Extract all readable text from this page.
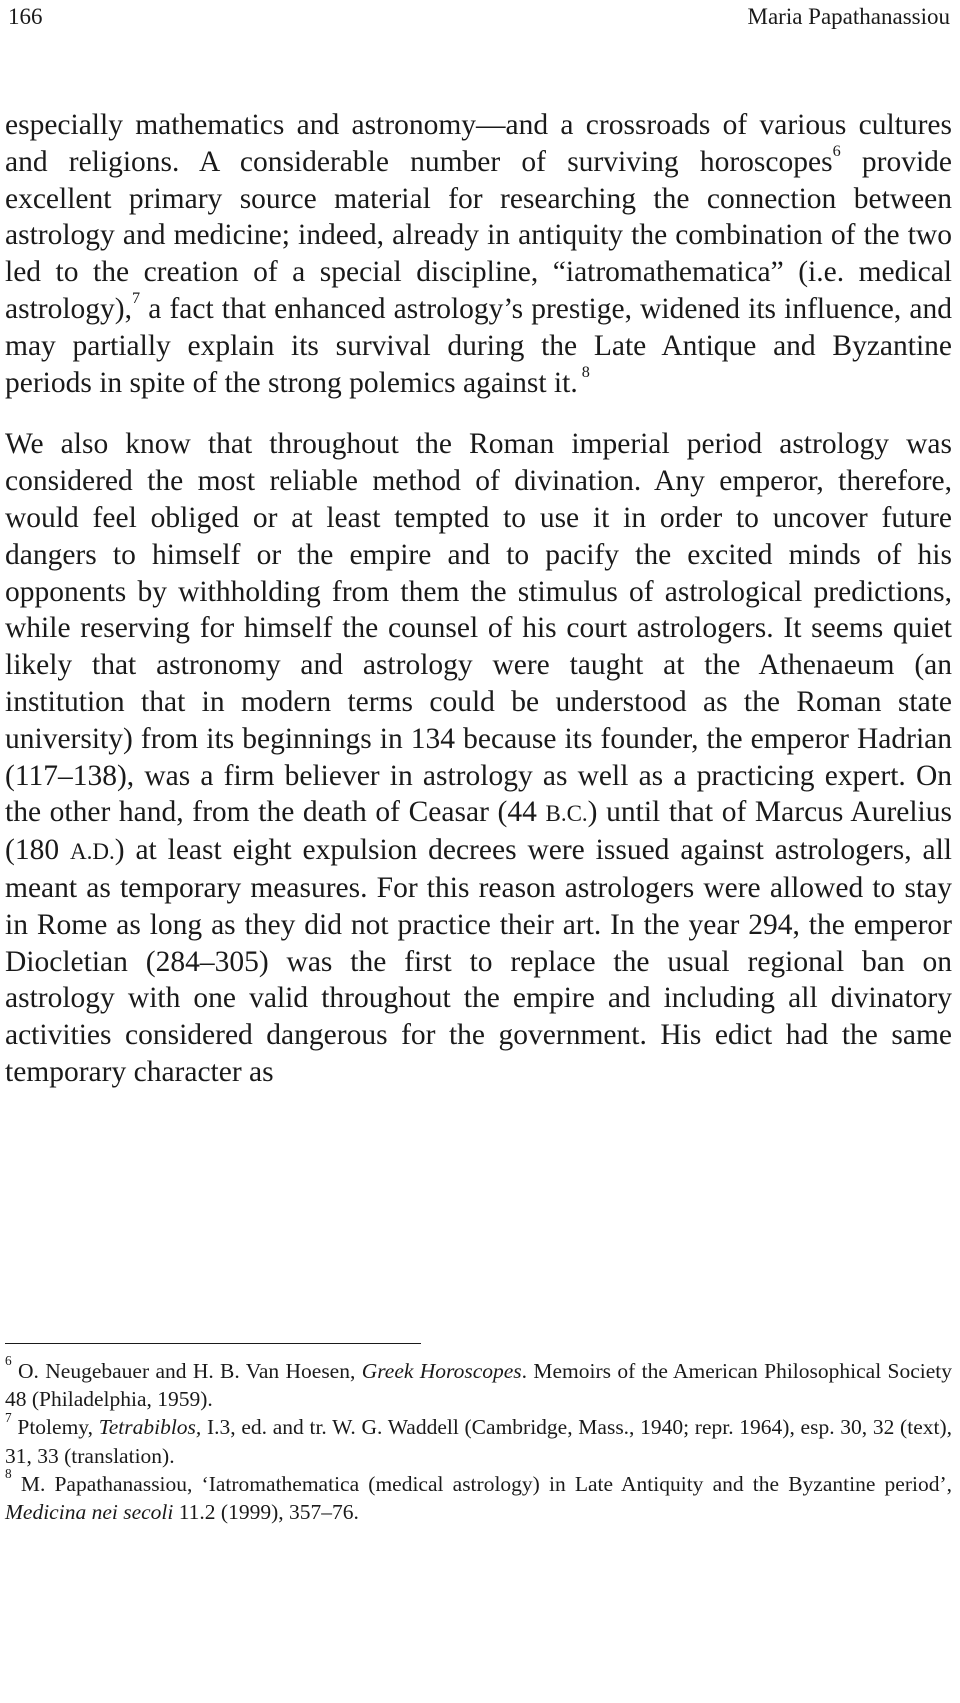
166	Maria Papathanassiou

especially mathematics and astronomy—and a crossroads of various cultures and religions. A considerable number of surviving horoscopes$^6$ provide excellent primary source material for researching the connection between astrology and medicine; indeed, already in antiquity the combination of the two led to the creation of a special discipline, “iatromathematica” (i.e. medical astrology),$^7$ a fact that enhanced astrology’s prestige, widened its influence, and may partially explain its survival during the Late Antique and Byzantine periods in spite of the strong polemics against it. $^8$

We also know that throughout the Roman imperial period astrology was considered the most reliable method of divination. Any emperor, therefore, would feel obliged or at least tempted to use it in order to uncover future dangers to himself or the empire and to pacify the excited minds of his opponents by withholding from them the stimulus of astrological predictions, while reserving for himself the counsel of his court astrologers. It seems quiet likely that astronomy and astrology were taught at the Athenaeum (an institution that in modern terms could be understood as the Roman state university) from its beginnings in 134 because its founder, the emperor Hadrian (117–138), was a firm believer in astrology as well as a practicing expert. On the other hand, from the death of Ceasar (44 B.C.) until that of Marcus Aurelius (180 A.D.) at least eight expulsion decrees were issued against astrologers, all meant as temporary measures. For this reason astrologers were allowed to stay in Rome as long as they did not practice their art. In the year 294, the emperor Diocletian (284–305) was the first to replace the usual regional ban on astrology with one valid throughout the empire and including all divinatory activities considered dangerous for the government. His edict had the same temporary character as

$^6$ O. Neugebauer and H. B. Van Hoesen, Greek Horoscopes. Memoirs of the American Philosophical Society 48 (Philadelphia, 1959).

$^7$ Ptolemy, Tetrabiblos, I.3, ed. and tr. W. G. Waddell (Cambridge, Mass., 1940; repr. 1964), esp. 30, 32 (text), 31, 33 (translation).

$^8$ M. Papathanassiou, ‘Iatromathematica (medical astrology) in Late Antiquity and the Byzantine period’, Medicina nei secoli 11.2 (1999), 357–76.
